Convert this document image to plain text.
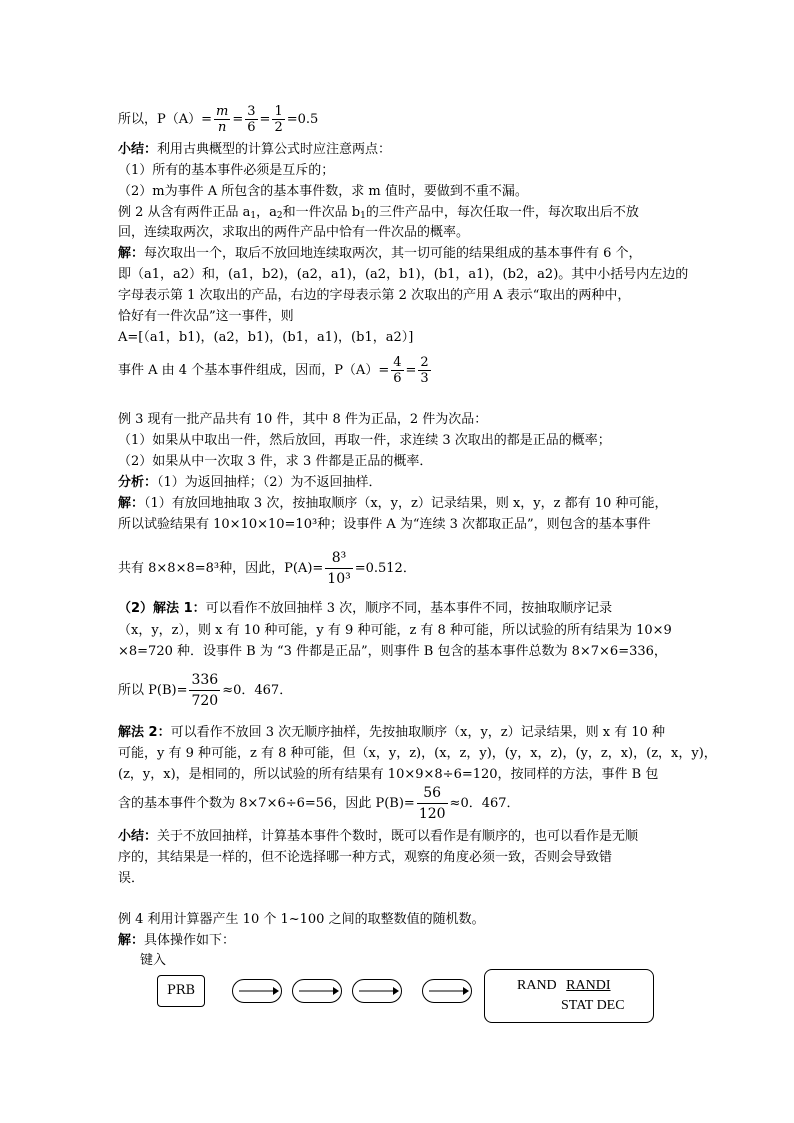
所以，$P(A)= \frac{m}{n} = \frac{3}{6} = \frac{1}{2} =0.5$
小结：利用古典概型的计算公式时应注意两点：
（1）所有的基本事件必须是互斥的；
（2）m为事件 A 所包含的基本事件数，求 m 值时，要做到不重不漏。
例 2 从含有两件正品 $a_1$，$a_2$和一件次品 $b_1$的三件产品中，每次任取一件，每次取出后不放
回，连续取两次，求取出的两件产品中恰有一件次品的概率。
解：每次取出一个，取后不放回地连续取两次，其一切可能的结果组成的基本事件有 6 个，
即（a1，a2）和，(a1，b2)，(a2，a1)，(a2，b1)，(b1，a1)，(b2，a2)。其中小括号内左边的
字母表示第 1 次取出的产品，右边的字母表示第 2 次取出的产用 A 表示“取出的两种中，
恰好有一件次品”这一事件，则
A=[（a1，b1)，(a2，b1)，(b1，a1)，(b1，a2）]
事件 A 由 4 个基本事件组成，因而，$P(A)= \frac{4}{6} = \frac{2}{3}$
例 3 现有一批产品共有 10 件，其中 8 件为正品，2 件为次品：
（1）如果从中取出一件，然后放回，再取一件，求连续 3 次取出的都是正品的概率；
（2）如果从中一次取 3 件，求 3 件都是正品的概率．
分析：（1）为返回抽样；（2）为不返回抽样．
解：（1）有放回地抽取 3 次，按抽取顺序（x，y，z）记录结果，则 x，y，z 都有 10 种可能，
所以试验结果有 10×10×10=10³种；设事件 A 为“连续 3 次都取正品”，则包含的基本事件
共有 8×8×8=8³种，因此，$P(A)= \frac{\text{8³}}{\text{10³}} =0.512$．
（2）解法 1：可以看作不放回抽样 3 次，顺序不同，基本事件不同，按抽取顺序记录
（x，y，z），则 x 有 10 种可能，y 有 9 种可能，z 有 8 种可能，所以试验的所有结果为 10×9
×8=720 种．设事件 B 为 “3 件都是正品”，则事件 B 包含的基本事件总数为 8×7×6=336，
所以 $P(B)= \frac{336}{720} \approx 0$．467．
解法 2：可以看作不放回 3 次无顺序抽样，先按抽取顺序（x，y，z）记录结果，则 x 有 10 种
可能，y 有 9 种可能，z 有 8 种可能，但（x，y，z)，(x，z，y)，(y，x，z)，(y，z，x)，(z，x，y)，
(z，y，x)，是相同的，所以试验的所有结果有 10×9×8÷6=120，按同样的方法，事件 B 包
含的基本事件个数为 8×7×6÷6=56，因此 $P(B)= \frac{56}{120} \approx 0$．467．
小结：关于不放回抽样，计算基本事件个数时，既可以看作是有顺序的，也可以看作是无顺
序的，其结果是一样的，但不论选择哪一种方式，观察的角度必须一致，否则会导致错
误．
例 4 利用计算器产生 10 个 1~100 之间的取整数值的随机数。
解：具体操作如下：
键入
PRB	RAND RANDI
STAT DEC
